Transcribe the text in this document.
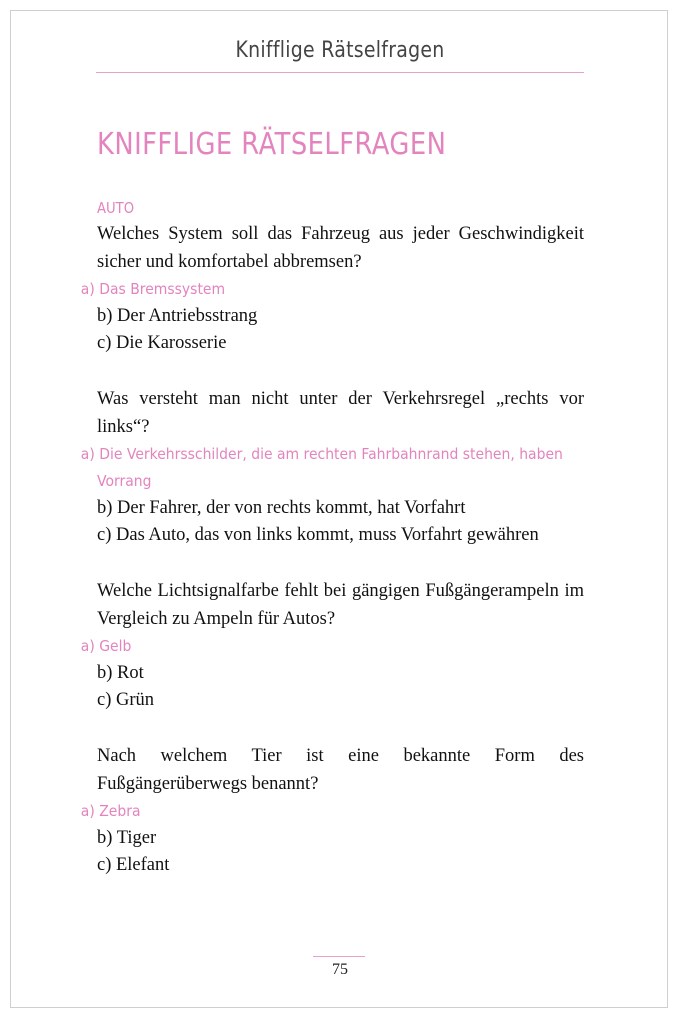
Knifflige Rätselfragen
KNIFFLIGE RÄTSELFRAGEN
AUTO
Welches System soll das Fahrzeug aus jeder Geschwindigkeit sicher und komfortabel abbremsen?
a) Das Bremssystem
b) Der Antriebsstrang
c) Die Karosserie
Was versteht man nicht unter der Verkehrsregel „rechts vor links“?
a) Die Verkehrsschilder, die am rechten Fahrbahnrand stehen, haben Vorrang
b) Der Fahrer, der von rechts kommt, hat Vorfahrt
c) Das Auto, das von links kommt, muss Vorfahrt gewähren
Welche Lichtsignalfarbe fehlt bei gängigen Fußgängerampeln im Vergleich zu Ampeln für Autos?
a) Gelb
b) Rot
c) Grün
Nach welchem Tier ist eine bekannte Form des Fußgängerüberwegs benannt?
a) Zebra
b) Tiger
c) Elefant
75
